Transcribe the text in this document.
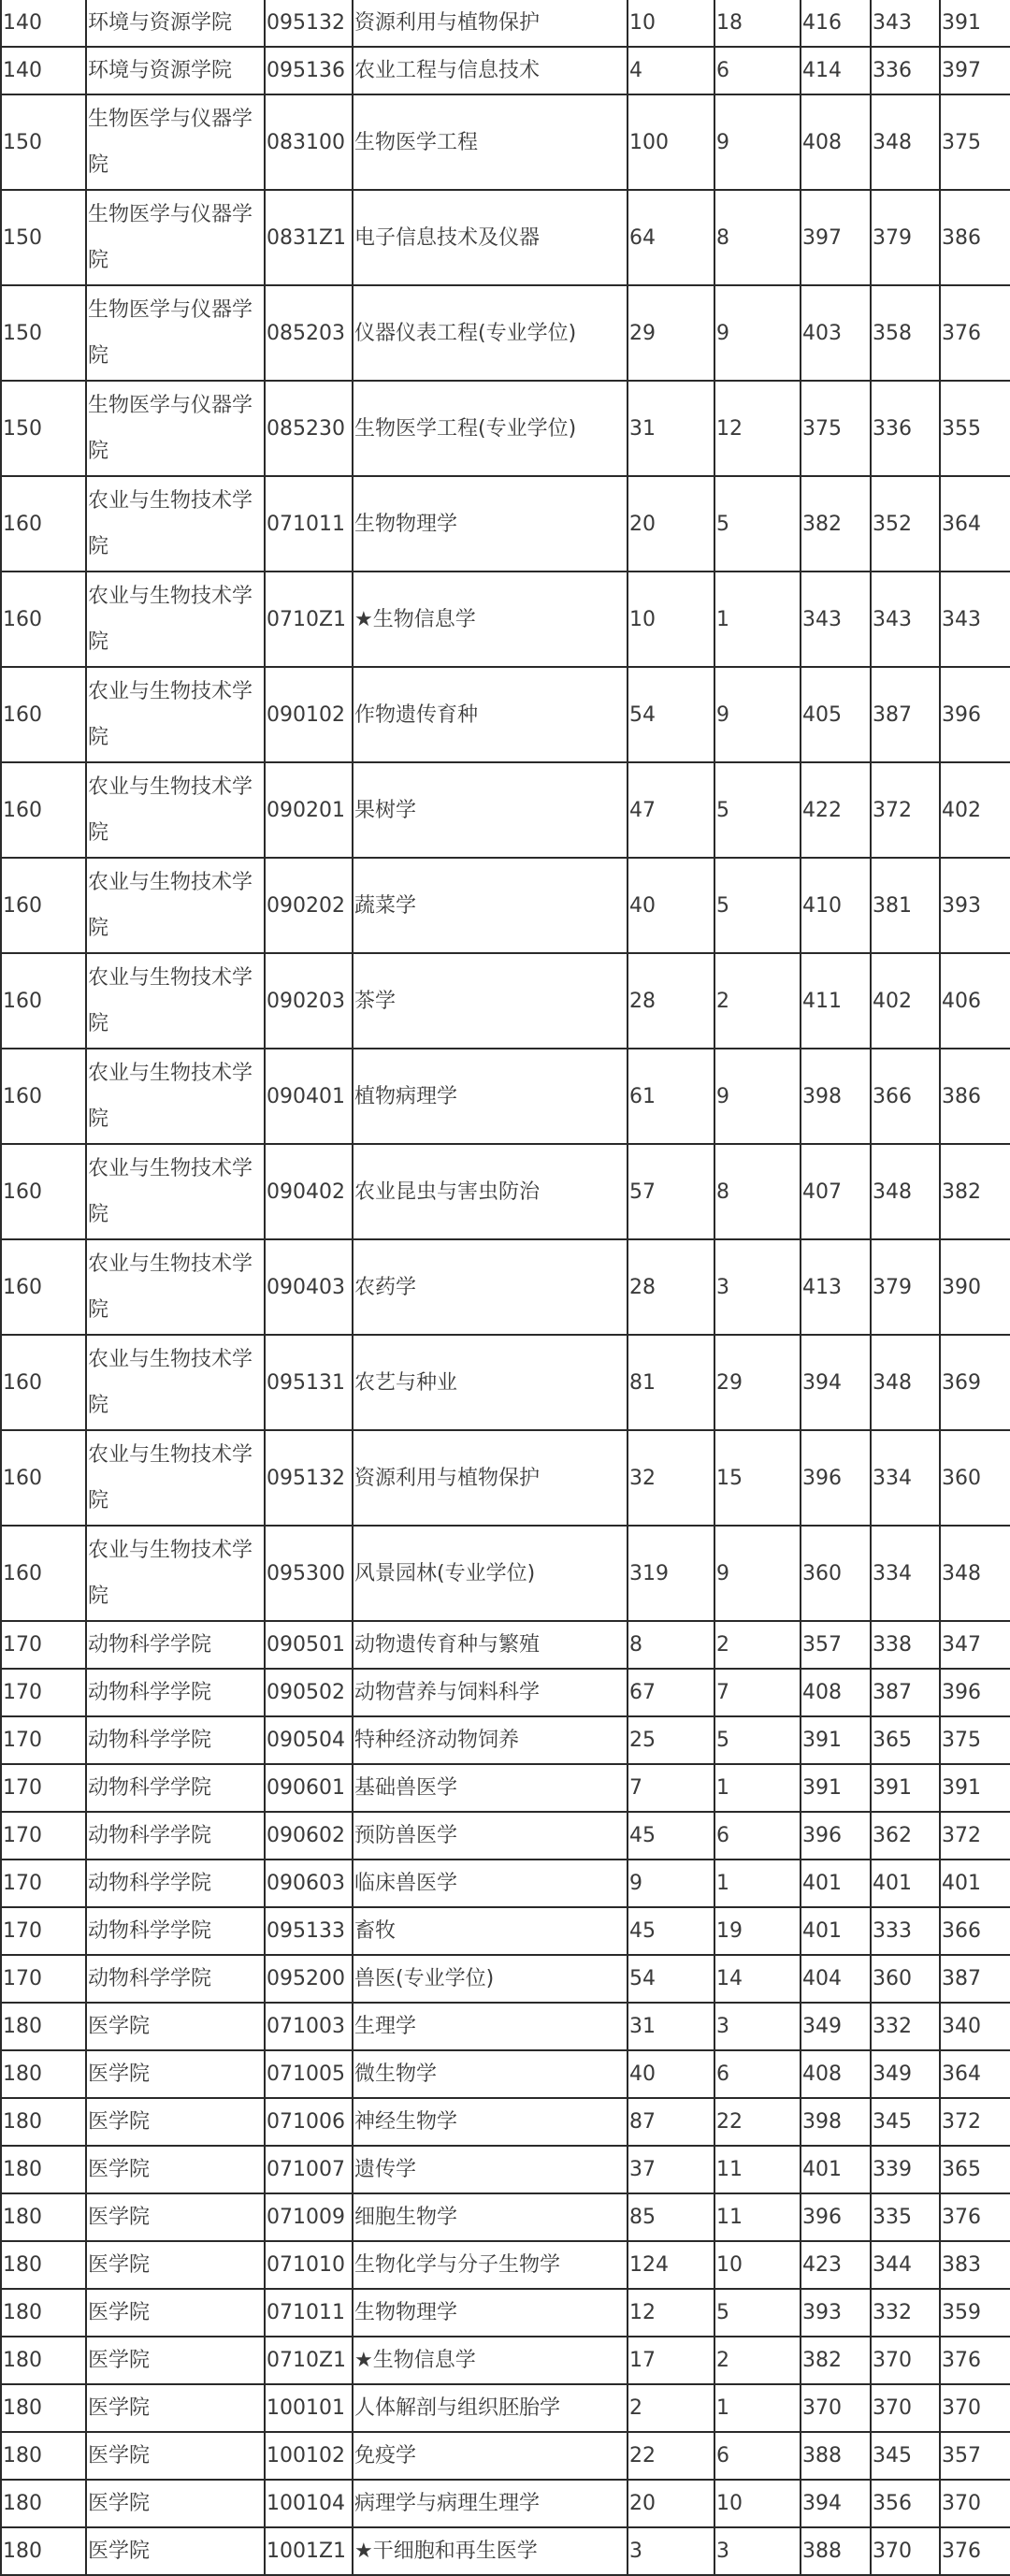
140	环境与资源学院	095132	资源利用与植物保护	10	18	416	343	391
140	环境与资源学院	095136	农业工程与信息技术	4	6	414	336	397
150	生物医学与仪器学院	083100	生物医学工程	100	9	408	348	375
150	生物医学与仪器学院	0831Z1	电子信息技术及仪器	64	8	397	379	386
150	生物医学与仪器学院	085203	仪器仪表工程(专业学位)	29	9	403	358	376
150	生物医学与仪器学院	085230	生物医学工程(专业学位)	31	12	375	336	355
160	农业与生物技术学院	071011	生物物理学	20	5	382	352	364
160	农业与生物技术学院	0710Z1	★生物信息学	10	1	343	343	343
160	农业与生物技术学院	090102	作物遗传育种	54	9	405	387	396
160	农业与生物技术学院	090201	果树学	47	5	422	372	402
160	农业与生物技术学院	090202	蔬菜学	40	5	410	381	393
160	农业与生物技术学院	090203	茶学	28	2	411	402	406
160	农业与生物技术学院	090401	植物病理学	61	9	398	366	386
160	农业与生物技术学院	090402	农业昆虫与害虫防治	57	8	407	348	382
160	农业与生物技术学院	090403	农药学	28	3	413	379	390
160	农业与生物技术学院	095131	农艺与种业	81	29	394	348	369
160	农业与生物技术学院	095132	资源利用与植物保护	32	15	396	334	360
160	农业与生物技术学院	095300	风景园林(专业学位)	319	9	360	334	348
170	动物科学学院	090501	动物遗传育种与繁殖	8	2	357	338	347
170	动物科学学院	090502	动物营养与饲料科学	67	7	408	387	396
170	动物科学学院	090504	特种经济动物饲养	25	5	391	365	375
170	动物科学学院	090601	基础兽医学	7	1	391	391	391
170	动物科学学院	090602	预防兽医学	45	6	396	362	372
170	动物科学学院	090603	临床兽医学	9	1	401	401	401
170	动物科学学院	095133	畜牧	45	19	401	333	366
170	动物科学学院	095200	兽医(专业学位)	54	14	404	360	387
180	医学院	071003	生理学	31	3	349	332	340
180	医学院	071005	微生物学	40	6	408	349	364
180	医学院	071006	神经生物学	87	22	398	345	372
180	医学院	071007	遗传学	37	11	401	339	365
180	医学院	071009	细胞生物学	85	11	396	335	376
180	医学院	071010	生物化学与分子生物学	124	10	423	344	383
180	医学院	071011	生物物理学	12	5	393	332	359
180	医学院	0710Z1	★生物信息学	17	2	382	370	376
180	医学院	100101	人体解剖与组织胚胎学	2	1	370	370	370
180	医学院	100102	免疫学	22	6	388	345	357
180	医学院	100104	病理学与病理生理学	20	10	394	356	370
180	医学院	1001Z1	★干细胞和再生医学	3	3	388	370	376
